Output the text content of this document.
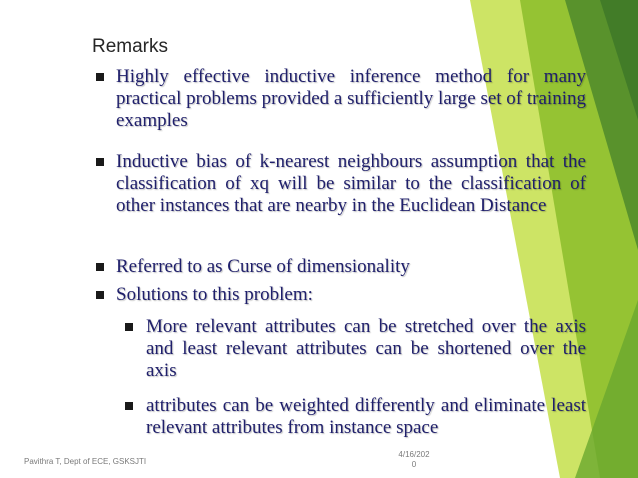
Remarks
Highly effective inductive inference method for many practical problems provided a sufficiently large set of training examples
Inductive bias of k-nearest neighbours assumption that the classification of xq will be similar to the classification of other instances that are nearby in the Euclidean Distance
Referred to as Curse of dimensionality
Solutions to this problem:
More relevant attributes can be stretched over the axis and least relevant attributes can be shortened over the axis
attributes can be weighted differently and eliminate least relevant attributes from instance space
Pavithra T, Dept of ECE, GSKSJTI
4/16/202
0
